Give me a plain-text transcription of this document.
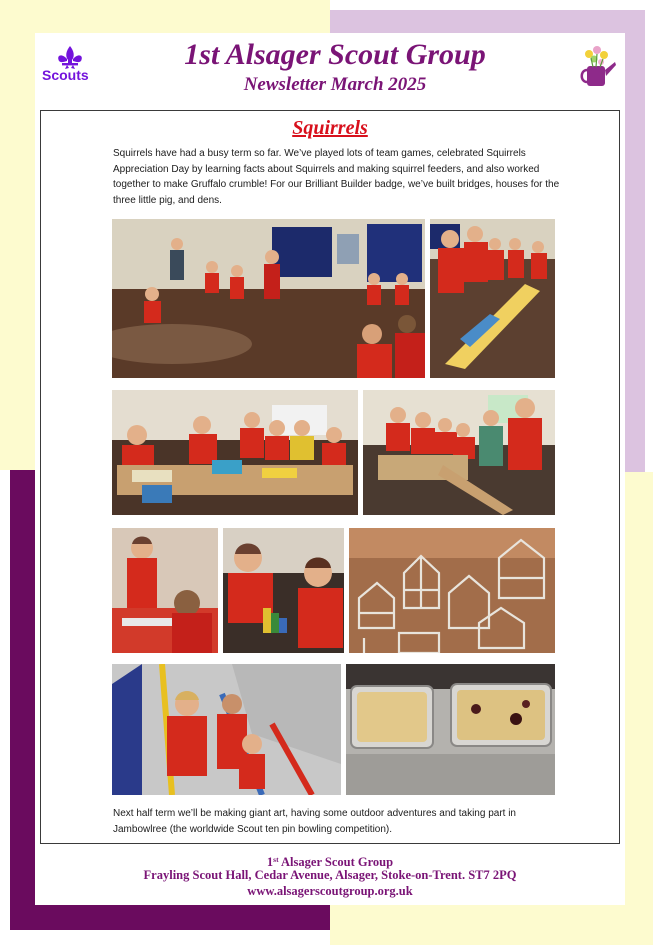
Scouts
1st Alsager Scout Group
Newsletter March 2025
Squirrels

Squirrels have had a busy term so far. We’ve played lots of team games, celebrated Squirrels Appreciation Day by learning facts about Squirrels and making squirrel feeders, and also worked together to make Gruffalo crumble! For our Brilliant Builder badge, we’ve built bridges, houses for the three little pig, and dens.

Next half term we’ll be making giant art, having some outdoor adventures and taking part in Jambowlree (the worldwide Scout ten pin bowling competition).

1st Alsager Scout Group

Frayling Scout Hall, Cedar Avenue, Alsager, Stoke-on-Trent. ST7 2PQ

www.alsagerscoutgroup.org.uk
